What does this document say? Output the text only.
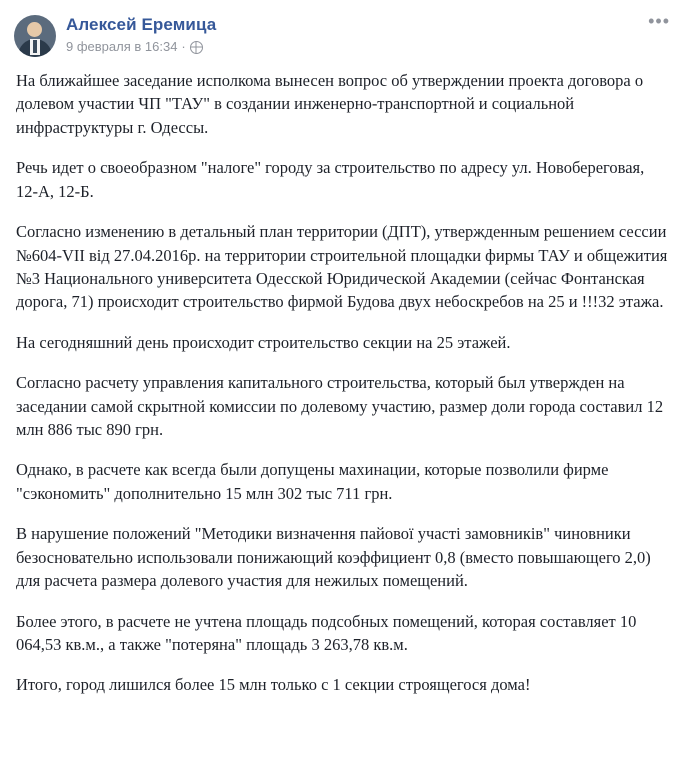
Алексей Еремица
9 февраля в 16:34 ·
•••

На ближайшее заседание исполкома вынесен вопрос об утверждении проекта договора о долевом участии ЧП "ТАУ" в создании инженерно-транспортной и социальной инфраструктуры г. Одессы.

Речь идет о своеобразном "налоге" городу за строительство по адресу ул. Новобереговая, 12-А, 12-Б.

Согласно изменению в детальный план территории (ДПТ), утвержденным решением сессии №604-VII від 27.04.2016р. на территории строительной площадки фирмы ТАУ и общежития №3 Национального университета Одесской Юридической Академии (сейчас Фонтанская дорога, 71) происходит строительство фирмой Будова двух небоскребов на 25 и !!!32 этажа.

На сегодняшний день происходит строительство секции на 25 этажей.

Согласно расчету управления капитального строительства, который был утвержден на заседании самой скрытной комиссии по долевому участию, размер доли города составил 12 млн 886 тыс 890 грн.

Однако, в расчете как всегда были допущены махинации, которые позволили фирме "сэкономить" дополнительно 15 млн 302 тыс 711 грн.

В нарушение положений "Методики визначення пайової участі замовників" чиновники безосновательно использовали понижающий коэффициент 0,8 (вместо повышающего 2,0) для расчета размера долевого участия для нежилых помещений.

Более этого, в расчете не учтена площадь подсобных помещений, которая составляет 10 064,53 кв.м., а также "потеряна" площадь 3 263,78 кв.м.

Итого, город лишился более 15 млн только с 1 секции строящегося дома!
